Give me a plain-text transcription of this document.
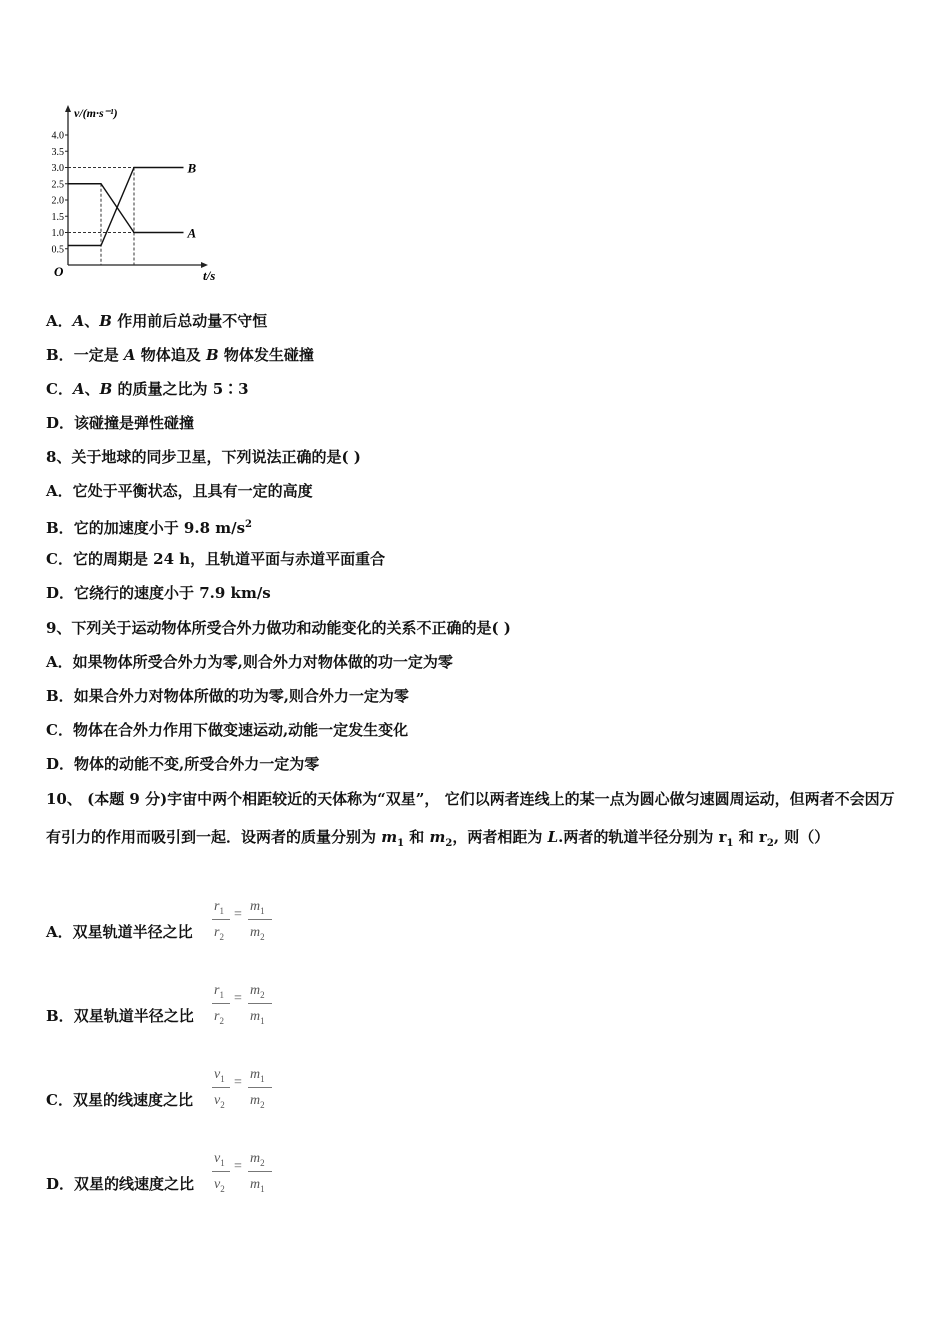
v/(m·s⁻¹)
t/s
O
0.5
1.0
1.5
2.0
2.5
3.0
3.5
4.0
A
B
A．A、B 作用前后总动量不守恒
B．一定是 A 物体追及 B 物体发生碰撞
C．A、B 的质量之比为 5∶3
D．该碰撞是弹性碰撞
8、关于地球的同步卫星，下列说法正确的是( )
A．它处于平衡状态，且具有一定的高度
B．它的加速度小于 9.8 $m/s^2$
C．它的周期是 24 h，且轨道平面与赤道平面重合
D．它绕行的速度小于 7.9 km/s
9、下列关于运动物体所受合外力做功和动能变化的关系不正确的是( )
A．如果物体所受合外力为零,则合外力对物体做的功一定为零
B．如果合外力对物体所做的功为零,则合外力一定为零
C．物体在合外力作用下做变速运动,动能一定发生变化
D．物体的动能不变,所受合外力一定为零
10、 (本题 9 分)宇宙中两个相距较近的天体称为“双星”， 它们以两者连线上的某一点为圆心做匀速圆周运动，但两者不会因万有引力的作用而吸引到一起．设两者的质量分别为 $m_1$ 和 $m_2$，两者相距为 L.两者的轨道半径分别为 $r_1$ 和 $r_2$, 则（）
A．双星轨道半径之比
$r_1$
$r_2$
=
$m_1$
$m_2$
B．双星轨道半径之比
$r_1$
$r_2$
=
$m_2$
$m_1$
C．双星的线速度之比
$v_1$
$v_2$
=
$m_1$
$m_2$
D．双星的线速度之比
$v_1$
$v_2$
=
$m_2$
$m_1$
